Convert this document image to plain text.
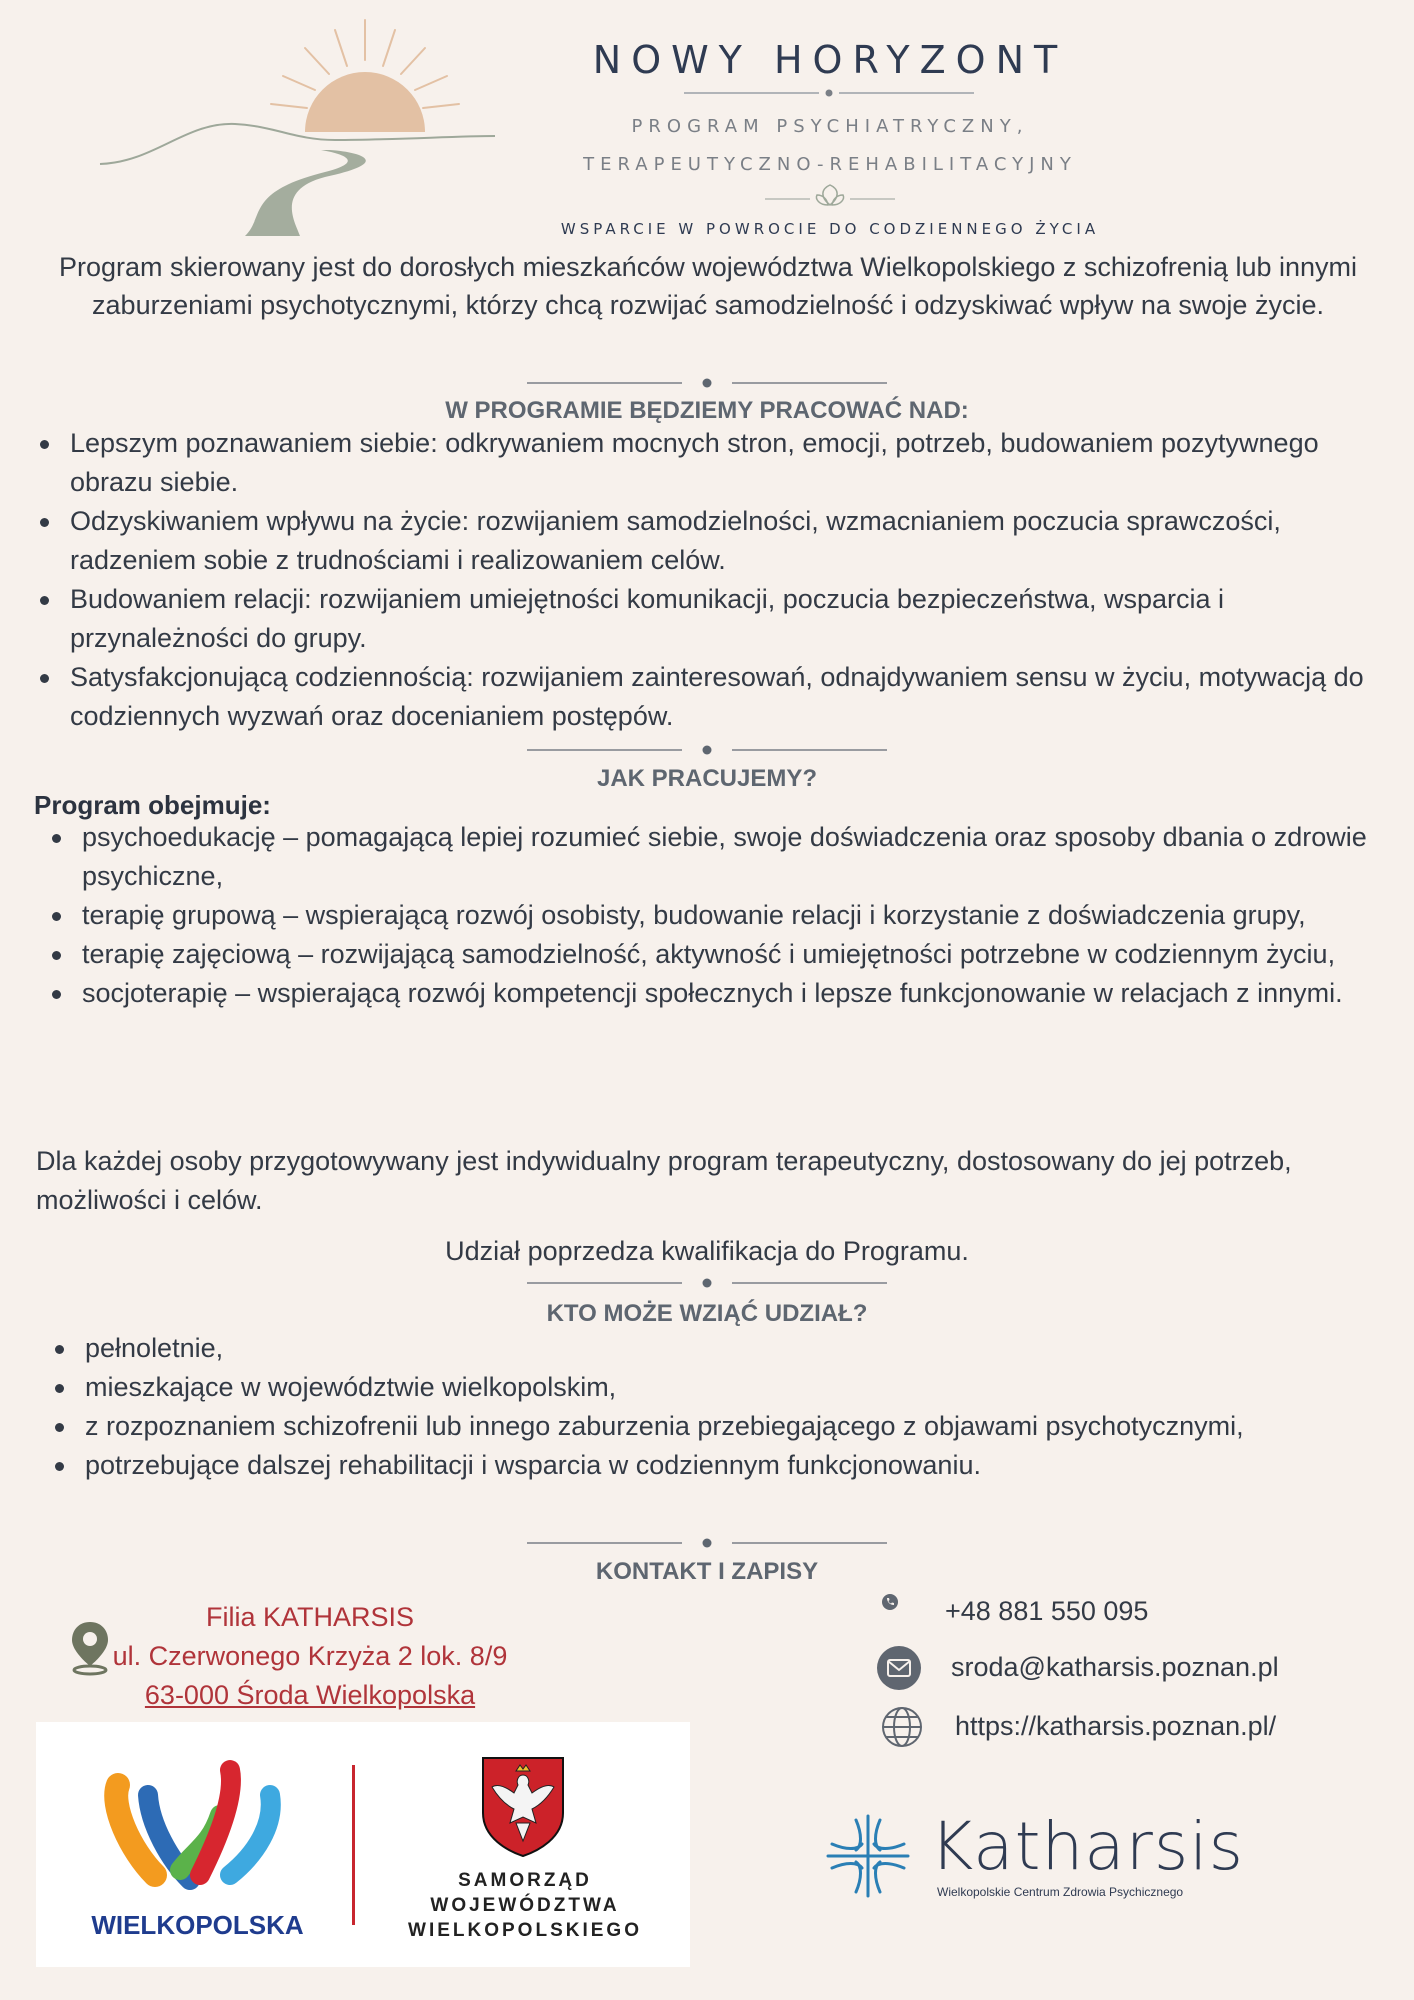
NOWY HORYZONT
PROGRAM PSYCHIATRYCZNY,
TERAPEUTYCZNO-REHABILITACYJNY
WSPARCIE W POWROCIE DO CODZIENNEGO ŻYCIA
Program skierowany jest do dorosłych mieszkańców województwa Wielkopolskiego z schizofrenią lub innymi zaburzeniami psychotycznymi, którzy chcą rozwijać samodzielność i odzyskiwać wpływ na swoje życie.
W PROGRAMIE BĘDZIEMY PRACOWAĆ NAD:
Lepszym poznawaniem siebie: odkrywaniem mocnych stron, emocji, potrzeb, budowaniem pozytywnego obrazu siebie.
Odzyskiwaniem wpływu na życie: rozwijaniem samodzielności, wzmacnianiem poczucia sprawczości, radzeniem sobie z trudnościami i realizowaniem celów.
Budowaniem relacji: rozwijaniem umiejętności komunikacji, poczucia bezpieczeństwa, wsparcia i przynależności do grupy.
Satysfakcjonującą codziennością: rozwijaniem zainteresowań, odnajdywaniem sensu w życiu, motywacją do codziennych wyzwań oraz docenianiem postępów.
JAK PRACUJEMY?
Program obejmuje:
psychoedukację – pomagającą lepiej rozumieć siebie, swoje doświadczenia oraz sposoby dbania o zdrowie psychiczne,
terapię grupową – wspierającą rozwój osobisty, budowanie relacji i korzystanie z doświadczenia grupy,
terapię zajęciową – rozwijającą samodzielność, aktywność i umiejętności potrzebne w codziennym życiu,
socjoterapię – wspierającą rozwój kompetencji społecznych i lepsze funkcjonowanie w relacjach z innymi.
Dla każdej osoby przygotowywany jest indywidualny program terapeutyczny, dostosowany do jej potrzeb, możliwości i celów.
Udział poprzedza kwalifikacja do Programu.
KTO MOŻE WZIĄĆ UDZIAŁ?
pełnoletnie,
mieszkające w województwie wielkopolskim,
z rozpoznaniem schizofrenii lub innego zaburzenia przebiegającego z objawami psychotycznymi,
potrzebujące dalszej rehabilitacji i wsparcia w codziennym funkcjonowaniu.
KONTAKT I ZAPISY
Filia KATHARSIS
ul. Czerwonego Krzyża 2 lok. 8/9
63-000 Środa Wielkopolska
+48 881 550 095
sroda@katharsis.poznan.pl
https://katharsis.poznan.pl/
WIELKOPOLSKA
SAMORZĄD
WOJEWÓDZTWA
WIELKOPOLSKIEGO
Katharsis
Wielkopolskie Centrum Zdrowia Psychicznego
